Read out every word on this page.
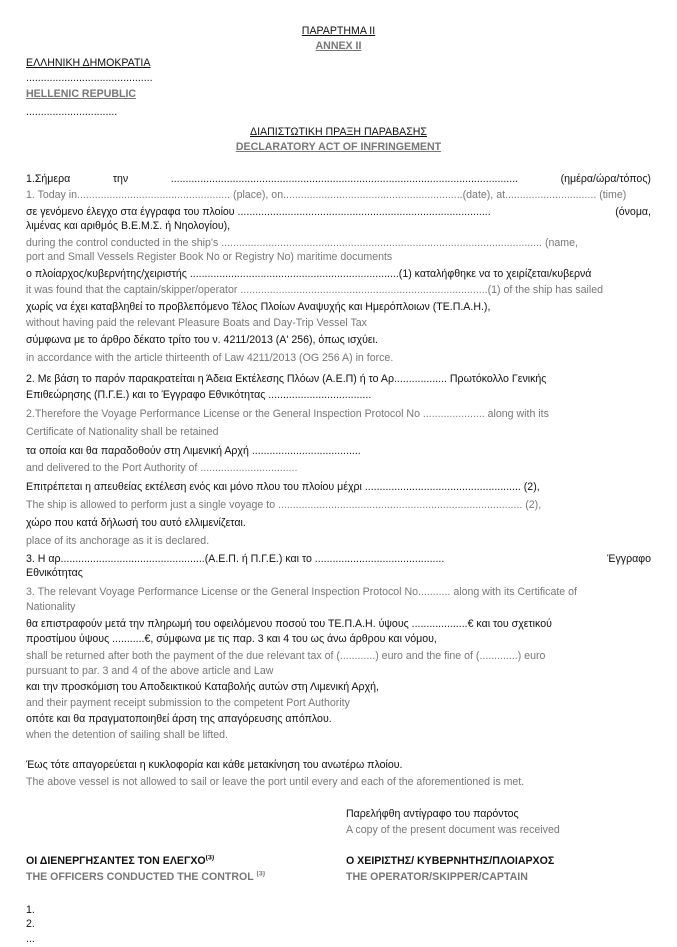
ΠΑΡΑΡΤΗΜΑ ΙΙ
ANNEX II
ΕΛΛΗΝΙΚΗ ΔΗΜΟΚΡΑΤΙΑ
...........................................
HELLENIC REPUBLIC
...............................
ΔΙΑΠΙΣΤΩΤΙΚΗ ΠΡΑΞΗ ΠΑΡΑΒΑΣΗΣ
DECLARATORY ACT OF INFRINGEMENT
1.Σήμερα	την	......................................................................................................................	(ημέρα/ώρα/τόπος)
1. Today in.................................................... (place), on.............................................................(date), at............................... (time)
σε γενόμενο έλεγχο στα έγγραφα του πλοίου ......................................................................................	(όνομα,
λιμένας και αριθμός Β.Ε.Μ.Σ. ή Νηολογίου),
during the control conducted in the ship's ............................................................................................................. (name,
port and Small Vessels Register Book No or Registry No) maritime documents
ο πλοίαρχος/κυβερνήτης/χειριστής .......................................................................(1) καταλήφθηκε να το χειρίζεται/κυβερνά
it was found that the captain/skipper/operator ....................................................................................(1) of the ship has sailed
χωρίς να έχει καταβληθεί το προβλεπόμενο Τέλος Πλοίων Αναψυχής και Ημερόπλοιων (ΤΕ.Π.Α.Η.),
without having paid the relevant Pleasure Boats and Day-Trip Vessel Tax
σύμφωνα με το άρθρο δέκατο τρίτο του ν. 4211/2013 (Α' 256), όπως ισχύει.
in accordance with the article thirteenth of Law 4211/2013 (OG 256 A) in force.
2. Με βάση το παρόν παρακρατείται η Άδεια Εκτέλεσης Πλόων (Α.Ε.Π) ή το Αρ.................. Πρωτόκολλο Γενικής
Επιθεώρησης (Π.Γ.Ε.) και το Έγγραφο Εθνικότητας ...................................
2.Therefore the Voyage Performance License or the General Inspection Protocol No ..................... along with its
Certificate of Nationality shall be retained
τα οποία και θα παραδοθούν στη Λιμενική Αρχή .....................................
and delivered to the Port Authority of .................................
Επιτρέπεται η απευθείας εκτέλεση ενός και μόνο πλου του πλοίου μέχρι ..................................................... (2),
The ship is allowed to perform just a single voyage to ................................................................................... (2),
χώρο που κατά δήλωσή του αυτό ελλιμενίζεται.
place of its anchorage as it is declared.
3. Η αρ.................................................(Α.Ε.Π. ή Π.Γ.Ε.) και το ............................................	Έγγραφο
Εθνικότητας
3. The relevant Voyage Performance License or the General Inspection Protocol No........... along with its Certificate of
Nationality
θα επιστραφούν μετά την πληρωμή του οφειλόμενου ποσού του ΤΕ.Π.Α.Η. ύψους ...................€ και του σχετικού
προστίμου ύψους ...........€, σύμφωνα με τις παρ. 3 και 4 του ως άνω άρθρου και νόμου,
shall be returned after both the payment of the due relevant tax of (............) euro and the fine of (.............) euro
pursuant to par. 3 and 4 of the above article and Law
και την προσκόμιση του Αποδεικτικού Καταβολής αυτών στη Λιμενική Αρχή,
and their payment receipt submission to the competent Port Authority
οπότε και θα πραγματοποιηθεί άρση της απαγόρευσης απόπλου.
when the detention of sailing shall be lifted.
Έως τότε απαγορεύεται η κυκλοφορία και κάθε μετακίνηση του ανωτέρω πλοίου.
The above vessel is not allowed to sail or leave the port until every and each of the aforementioned is met.
Παρελήφθη αντίγραφο του παρόντος
A copy of the present document was received
ΟΙ ΔΙΕΝΕΡΓΗΣΑΝΤΕΣ ΤΟΝ ΕΛΕΓΧΟ$^{(3)}$
THE OFFICERS CONDUCTED THE CONTROL $^{(3)}$
Ο ΧΕΙΡΙΣΤΗΣ/ ΚΥΒΕΡΝΗΤΗΣ/ΠΛΟΙΑΡΧΟΣ
THE OPERATOR/SKIPPER/CAPTAIN
1.
2.
...
